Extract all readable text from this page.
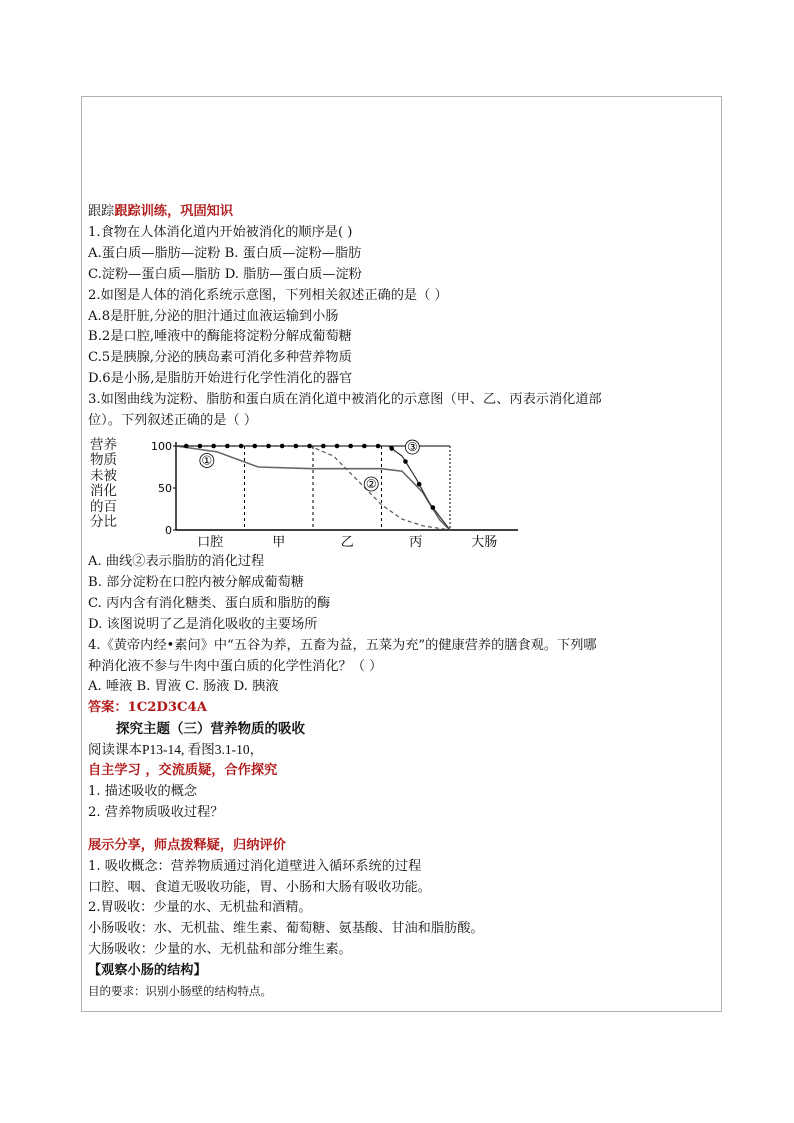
跟踪跟踪训练，巩固知识
1.食物在人体消化道内开始被消化的顺序是( )
A.蛋白质—脂肪—淀粉 B. 蛋白质—淀粉—脂肪
C.淀粉—蛋白质—脂肪 D. 脂肪—蛋白质—淀粉
2.如图是人体的消化系统示意图，下列相关叙述正确的是（ ）
A.8是肝脏,分泌的胆汁通过血液运输到小肠
B.2是口腔,唾液中的酶能将淀粉分解成葡萄糖
C.5是胰腺,分泌的胰岛素可消化多种营养物质
D.6是小肠,是脂肪开始进行化学性消化的器官
3.如图曲线为淀粉、脂肪和蛋白质在消化道中被消化的示意图（甲、乙、丙表示消化道部
位）。下列叙述正确的是（ ）
营养
物质
未被
消化
的百
分比
100
50
0
口腔	甲	乙	丙	大肠
①
②
③
A. 曲线②表示脂肪的消化过程
B. 部分淀粉在口腔内被分解成葡萄糖
C. 丙内含有消化糖类、蛋白质和脂肪的酶
D. 该图说明了乙是消化吸收的主要场所
4.《黄帝内经•素问》中“五谷为养，五畜为益，五菜为充”的健康营养的膳食观。下列哪
种消化液不参与牛肉中蛋白质的化学性消化？（ ）
A. 唾液 B. 胃液 C. 肠液 D. 胰液
答案：1C2D3C4A
探究主题（三）营养物质的吸收
阅读课本P13-14, 看图3.1-10，
自主学习 ，交流质疑，合作探究
1. 描述吸收的概念
2. 营养物质吸收过程？
展示分享，师点拨释疑，归纳评价
1. 吸收概念：营养物质通过消化道壁进入循环系统的过程
口腔、咽、食道无吸收功能，胃、小肠和大肠有吸收功能。
2.胃吸收：少量的水、无机盐和酒精。
小肠吸收：水、无机盐、维生素、葡萄糖、氨基酸、甘油和脂肪酸。
大肠吸收：少量的水、无机盐和部分维生素。
【观察小肠的结构】
目的要求：识别小肠壁的结构特点。
